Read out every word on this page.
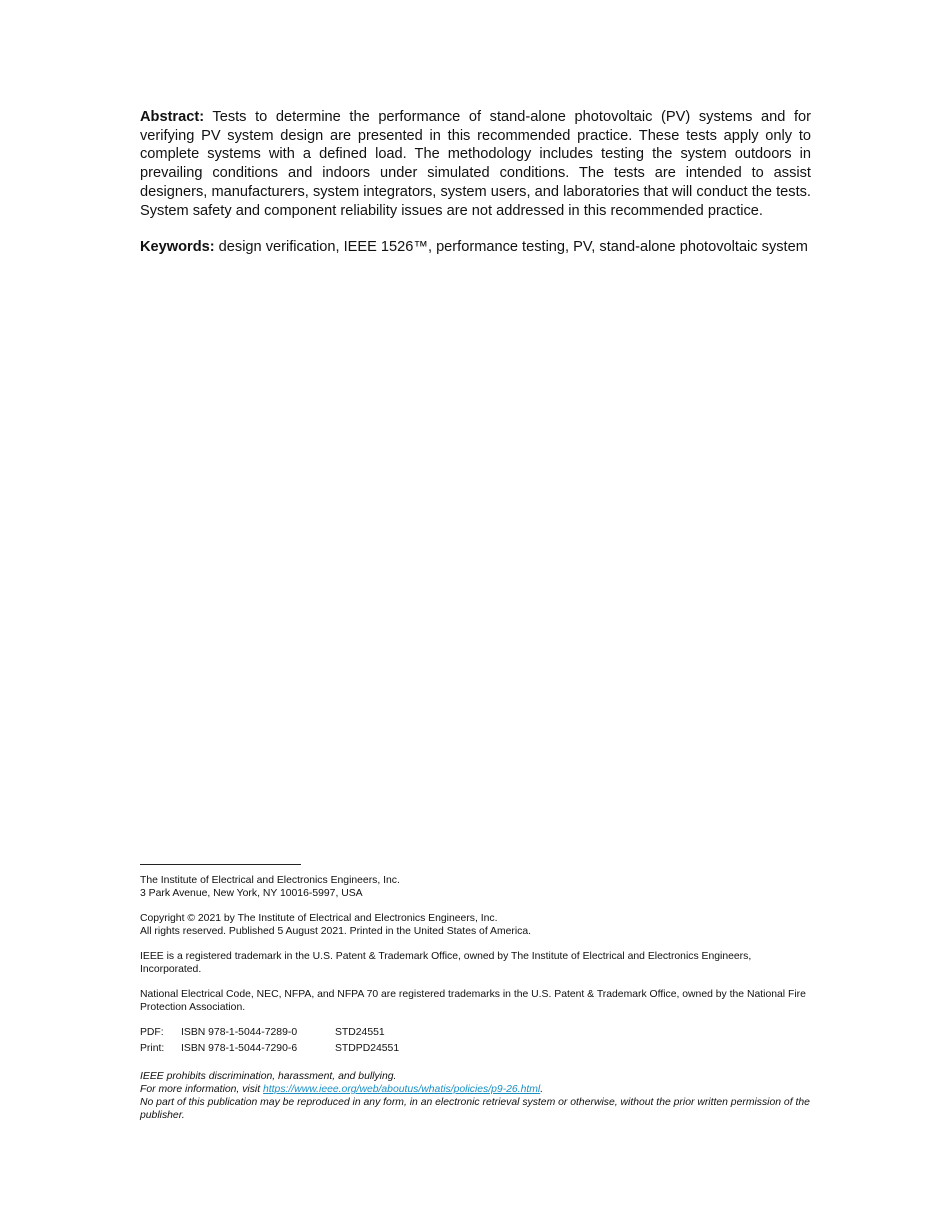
Abstract: Tests to determine the performance of stand-alone photovoltaic (PV) systems and for verifying PV system design are presented in this recommended practice. These tests apply only to complete systems with a defined load. The methodology includes testing the system outdoors in prevailing conditions and indoors under simulated conditions. The tests are intended to assist designers, manufacturers, system integrators, system users, and laboratories that will conduct the tests. System safety and component reliability issues are not addressed in this recommended practice.

Keywords: design verification, IEEE 1526™, performance testing, PV, stand-alone photovoltaic system

The Institute of Electrical and Electronics Engineers, Inc.

3 Park Avenue, New York, NY 10016-5997, USA

Copyright © 2021 by The Institute of Electrical and Electronics Engineers, Inc.

All rights reserved. Published 5 August 2021. Printed in the United States of America.

IEEE is a registered trademark in the U.S. Patent & Trademark Office, owned by The Institute of Electrical and Electronics Engineers, Incorporated.

National Electrical Code, NEC, NFPA, and NFPA 70 are registered trademarks in the U.S. Patent & Trademark Office, owned by the National Fire Protection Association.

PDF:	ISBN 978-1-5044-7289-0	STD24551
Print:	ISBN 978-1-5044-7290-6	STDPD24551

IEEE prohibits discrimination, harassment, and bullying.

For more information, visit https://www.ieee.org/web/aboutus/whatis/policies/p9-26.html.

No part of this publication may be reproduced in any form, in an electronic retrieval system or otherwise, without the prior written permission of the publisher.
